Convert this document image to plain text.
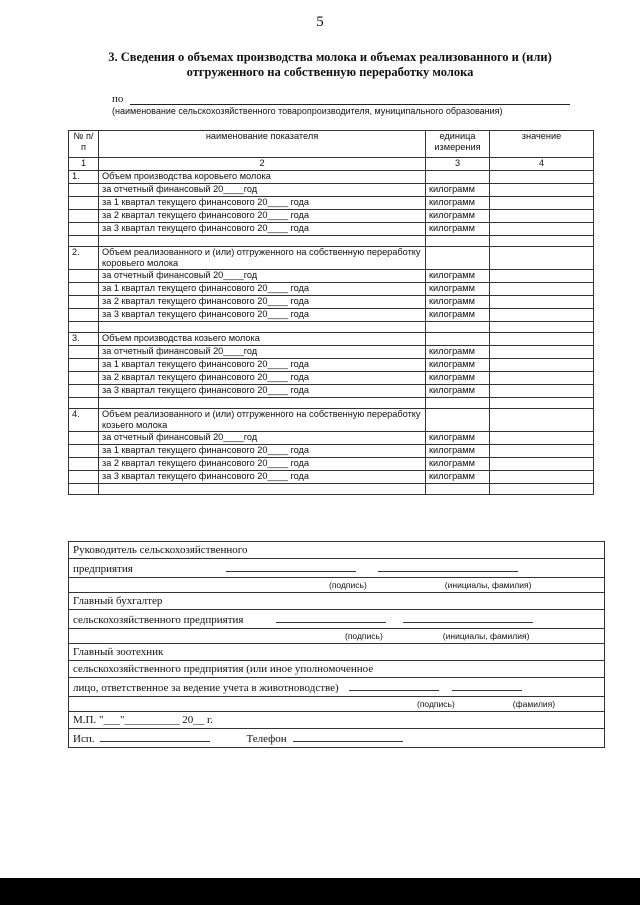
5
3. Сведения о объемах производства молока и объемах реализованного и (или) отгруженного на собственную переработку молока
по
(наименование сельскохозяйственного товаропроизводителя, муниципального образования)
№ п/п	наименование показателя	единица измерения	значение
1	2	3	4
1.	Объем производства коровьего молока		
	за отчетный финансовый 20____год	килограмм	
	за 1 квартал текущего финансового 20____ года	килограмм	
	за 2 квартал текущего финансового 20____ года	килограмм	
	за 3 квартал текущего финансового 20____ года	килограмм	

2.	Объем реализованного и (или) отгруженного на собственную переработку коровьего молока		
	за отчетный финансовый 20____год	килограмм	
	за 1 квартал текущего финансового 20____ года	килограмм	
	за 2 квартал текущего финансового 20____ года	килограмм	
	за 3 квартал текущего финансового 20____ года	килограмм	

3.	Объем производства козьего молока		
	за отчетный финансовый 20____год	килограмм	
	за 1 квартал текущего финансового 20____ года	килограмм	
	за 2 квартал текущего финансового 20____ года	килограмм	
	за 3 квартал текущего финансового 20____ года	килограмм	

4.	Объем реализованного и (или) отгруженного на собственную переработку козьего молока		
	за отчетный финансовый 20____год	килограмм	
	за 1 квартал текущего финансового 20____ года	килограмм	
	за 2 квартал текущего финансового 20____ года	килограмм	
	за 3 квартал текущего финансового 20____ года	килограмм	

Руководитель сельскохозяйственного
предприятия
(подпись)	(инициалы, фамилия)
Главный бухгалтер
сельскохозяйственного предприятия
(подпись)	(инициалы, фамилия)
Главный зоотехник
сельскохозяйственного предприятия (или иное уполномоченное
лицо, ответственное за ведение учета в животноводстве)
(подпись)	(фамилия)
М.П. "___"__________ 20__ г.
Исп.	Телефон
